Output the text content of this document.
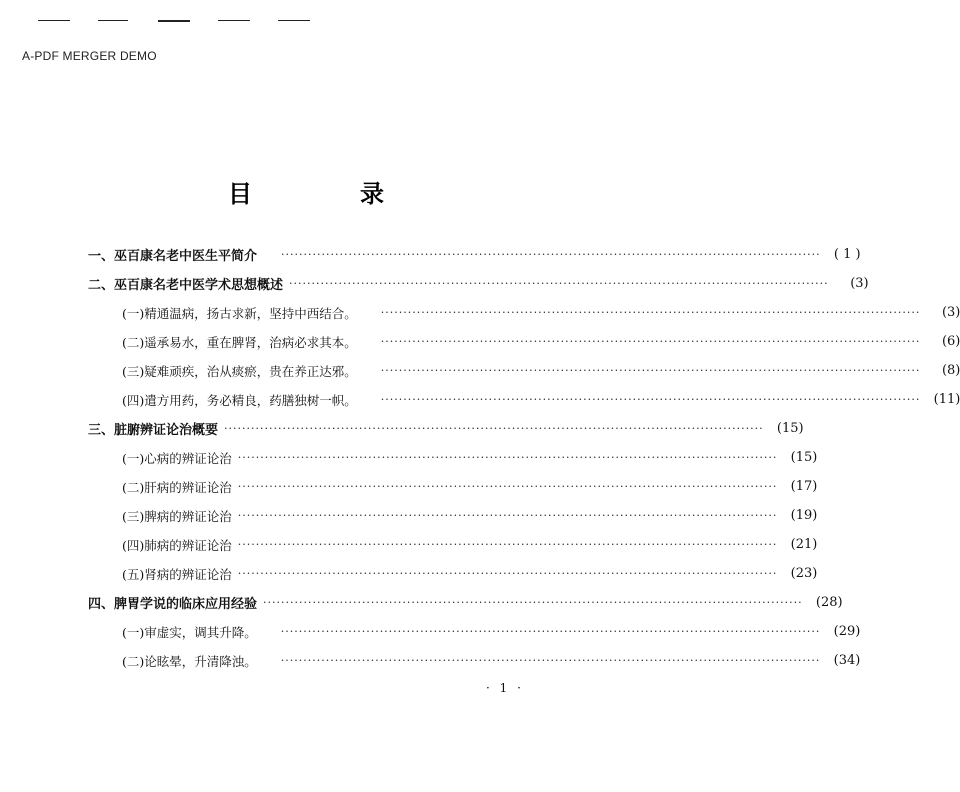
A-PDF MERGER DEMO
目　录
一、巫百康名老中医生平简介 ························································································································	( 1 )
二、巫百康名老中医学术思想概述 ························································································································	(3)
(一)精通温病，扬古求新，坚持中西结合。 ························································································································	(3)
(二)遥承易水，重在脾肾，治病必求其本。 ························································································································	(6)
(三)疑难顽疾，治从痰瘀，贵在养正达邪。 ························································································································	(8)
(四)遣方用药，务必精良，药膳独树一帜。 ························································································································	(11)
三、脏腑辨证论治概要 ························································································································	(15)
(一)心病的辨证论治 ························································································································	(15)
(二)肝病的辨证论治 ························································································································	(17)
(三)脾病的辨证论治 ························································································································	(19)
(四)肺病的辨证论治 ························································································································	(21)
(五)肾病的辨证论治 ························································································································	(23)
四、脾胃学说的临床应用经验 ························································································································	(28)
(一)审虚实，调其升降。 ························································································································	(29)
(二)论眩晕，升清降浊。 ························································································································	(34)
· 1 ·
